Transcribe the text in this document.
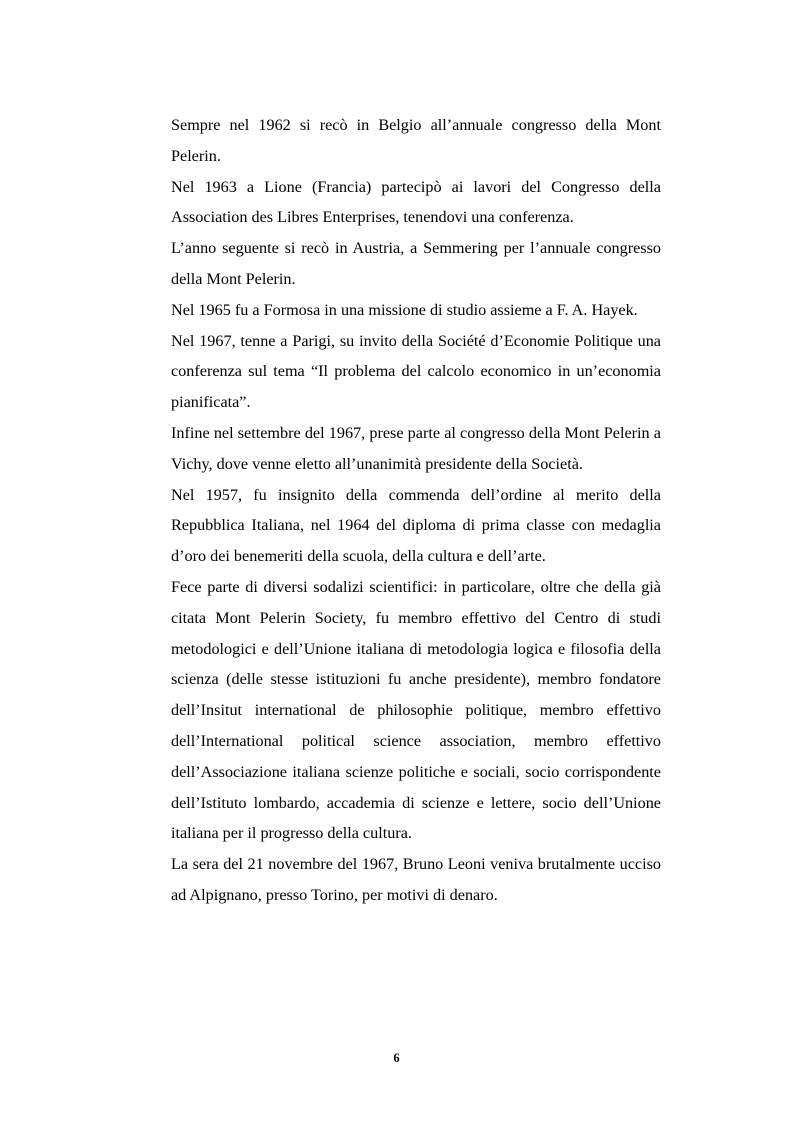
Sempre nel 1962 si recò in Belgio all’annuale congresso della Mont Pelerin.

Nel 1963 a Lione (Francia) partecipò ai lavori del Congresso della Association des Libres Enterprises, tenendovi una conferenza.

L’anno seguente si recò in Austria, a Semmering per l’annuale congresso della Mont Pelerin.

Nel 1965 fu a Formosa in una missione di studio assieme a F. A. Hayek.

Nel 1967, tenne a Parigi, su invito della Société d’Economie Politique una conferenza sul tema “Il problema del calcolo economico in un’economia pianificata”.

Infine nel settembre del 1967, prese parte al congresso della Mont Pelerin a Vichy, dove venne eletto all’unanimità presidente della Società.

Nel 1957, fu insignito della commenda dell’ordine al merito della Repubblica Italiana, nel 1964 del diploma di prima classe con medaglia d’oro dei benemeriti della scuola, della cultura e dell’arte.

Fece parte di diversi sodalizi scientifici: in particolare, oltre che della già citata Mont Pelerin Society, fu membro effettivo del Centro di studi metodologici e dell’Unione italiana di metodologia logica e filosofia della scienza (delle stesse istituzioni fu anche presidente), membro fondatore dell’Insitut international de philosophie politique, membro effettivo dell’International political science association, membro effettivo dell’Associazione italiana scienze politiche e sociali, socio corrispondente dell’Istituto lombardo, accademia di scienze e lettere, socio dell’Unione italiana per il progresso della cultura.

La sera del 21 novembre del 1967, Bruno Leoni veniva brutalmente ucciso ad Alpignano, presso Torino, per motivi di denaro.

6
